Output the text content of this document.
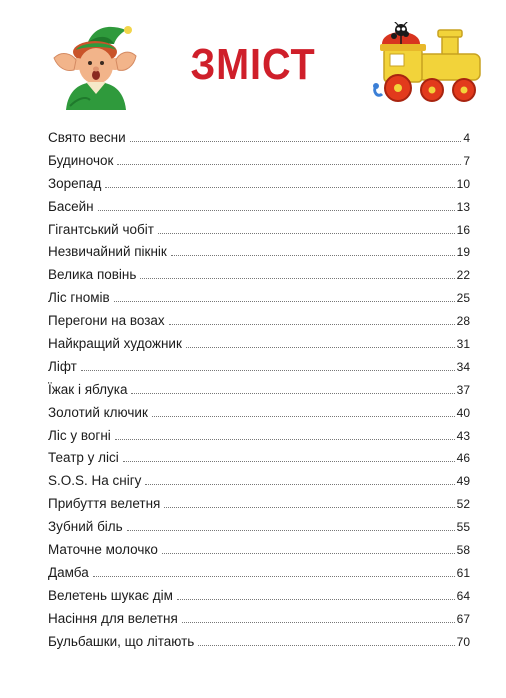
ЗМІСТ
Свято весни	4
Будиночок	7
Зорепад	10
Басейн	13
Гігантський чобіт	16
Незвичайний пікнік	19
Велика повінь	22
Ліс гномів	25
Перегони на возах	28
Найкращий художник	31
Ліфт	34
Їжак і яблука	37
Золотий ключик	40
Ліс у вогні	43
Театр у лісі	46
S.O.S. На снігу	49
Прибуття велетня	52
Зубний біль	55
Маточне молочко	58
Дамба	61
Велетень шукає дім	64
Насіння для велетня	67
Бульбашки, що літають	70
